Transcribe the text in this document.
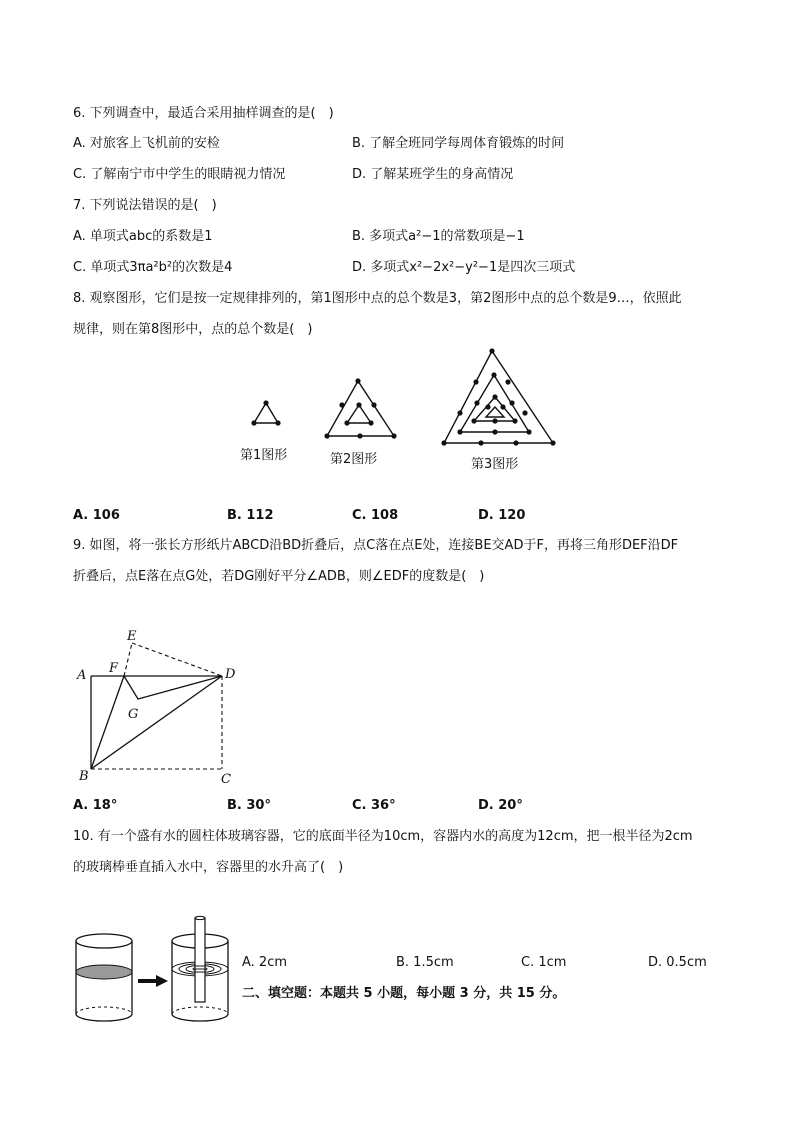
6. 下列调查中，最适合采用抽样调查的是(　)
A. 对旅客上飞机前的安检	B. 了解全班同学每周体育锻炼的时间
C. 了解南宁市中学生的眼睛视力情况	D. 了解某班学生的身高情况
7. 下列说法错误的是(　)
A. 单项式abc的系数是1	B. 多项式a²−1的常数项是−1
C. 单项式3πa²b²的次数是4	D. 多项式x²−2x²−y²−1是四次三项式
8. 观察图形，它们是按一定规律排列的，第1图形中点的总个数是3，第2图形中点的总个数是9…，依照此
规律，则在第8图形中，点的总个数是(　)
第1图形	第2图形	第3图形
A. 106	B. 112	C. 108	D. 120
9. 如图，将一张长方形纸片ABCD沿BD折叠后，点C落在点E处，连接BE交AD于F，再将三角形DEF沿DF
折叠后，点E落在点G处，若DG刚好平分∠ADB，则∠EDF的度数是(　)
A
B	C
D
E
F
G
A. 18°	B. 30°	C. 36°	D. 20°
10. 有一个盛有水的圆柱体玻璃容器，它的底面半径为10cm，容器内水的高度为12cm，把一根半径为2cm
的玻璃棒垂直插入水中，容器里的水升高了(　)
A. 2cm	B. 1.5cm	C. 1cm	D. 0.5cm
二、填空题：本题共 5 小题，每小题 3 分，共 15 分。
